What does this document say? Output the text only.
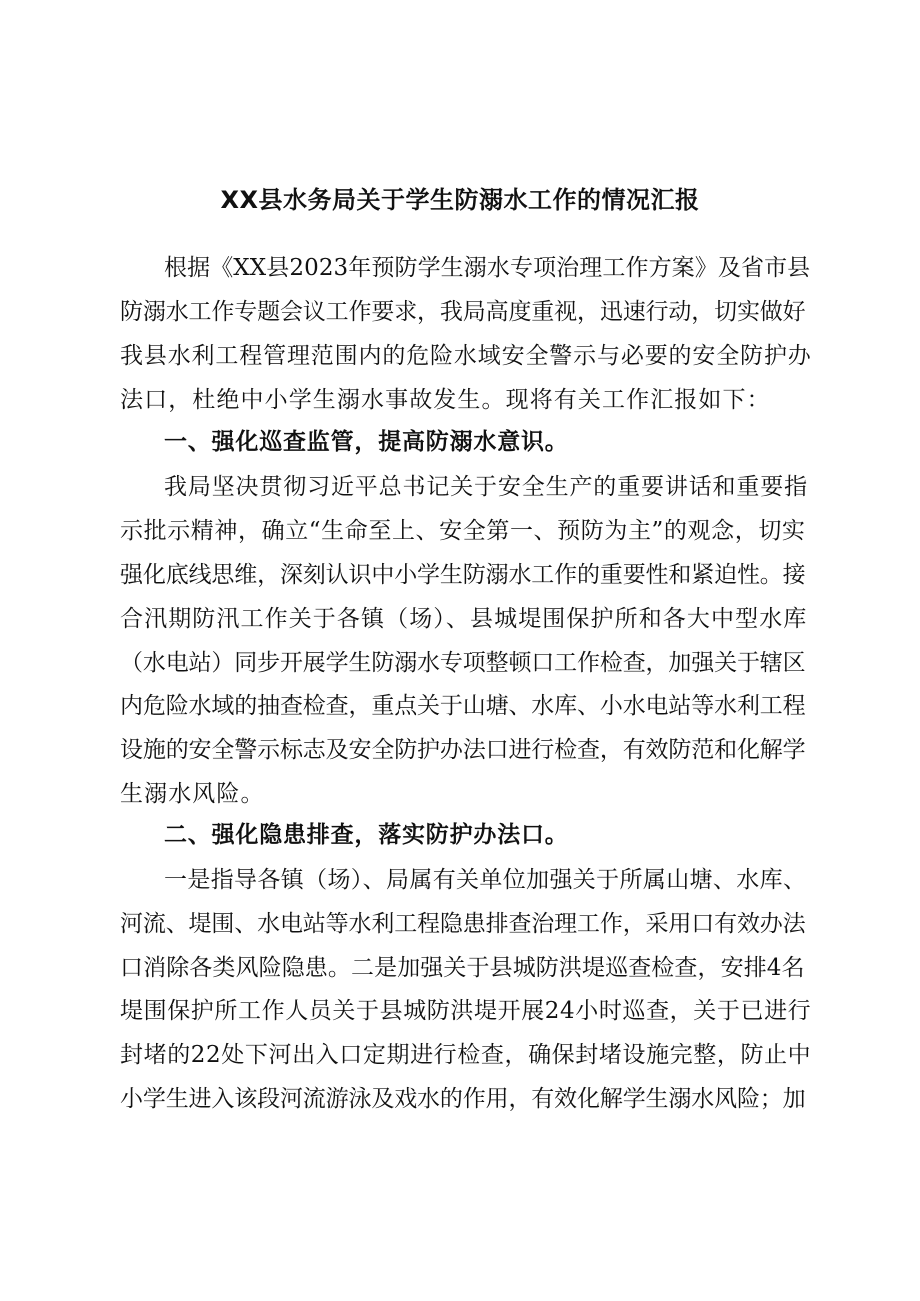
XX县水务局关于学生防溺水工作的情况汇报
根据《XX县2023年预防学生溺水专项治理工作方案》及省市县
防溺水工作专题会议工作要求，我局高度重视，迅速行动，切实做好
我县水利工程管理范围内的危险水域安全警示与必要的安全防护办
法口，杜绝中小学生溺水事故发生。现将有关工作汇报如下：
一、强化巡查监管，提高防溺水意识。
我局坚决贯彻习近平总书记关于安全生产的重要讲话和重要指
示批示精神，确立“生命至上、安全第一、预防为主”的观念，切实
强化底线思维，深刻认识中小学生防溺水工作的重要性和紧迫性。接
合汛期防汛工作关于各镇（场）、县城堤围保护所和各大中型水库
（水电站）同步开展学生防溺水专项整顿口工作检查，加强关于辖区
内危险水域的抽查检查，重点关于山塘、水库、小水电站等水利工程
设施的安全警示标志及安全防护办法口进行检查，有效防范和化解学
生溺水风险。
二、强化隐患排查，落实防护办法口。
一是指导各镇（场）、局属有关单位加强关于所属山塘、水库、
河流、堤围、水电站等水利工程隐患排查治理工作，采用口有效办法
口消除各类风险隐患。二是加强关于县城防洪堤巡查检查，安排4名
堤围保护所工作人员关于县城防洪堤开展24小时巡查，关于已进行
封堵的22处下河出入口定期进行检查，确保封堵设施完整，防止中
小学生进入该段河流游泳及戏水的作用，有效化解学生溺水风险；加
